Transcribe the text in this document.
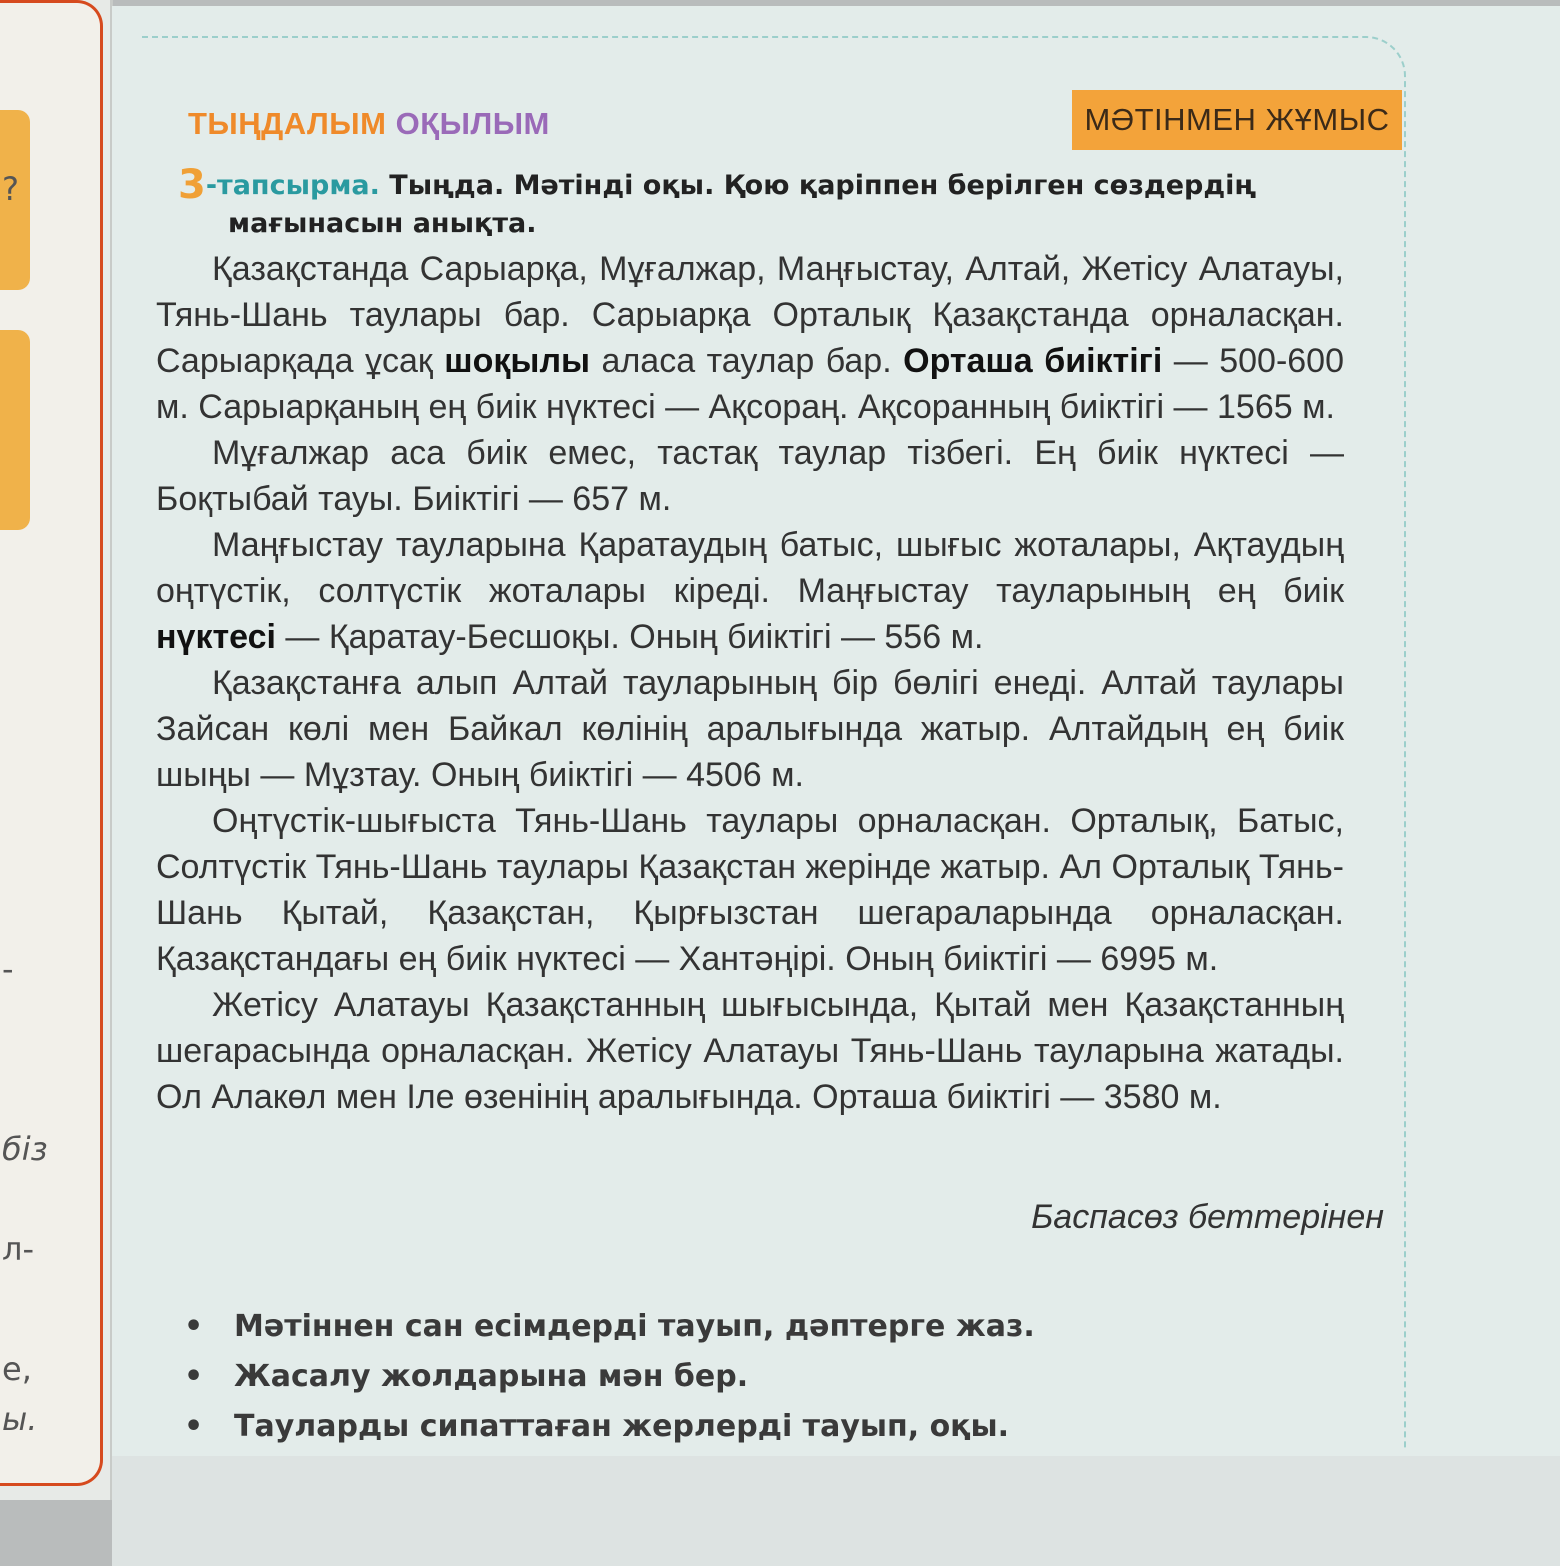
?
-
біз
л-
е,
ы.
ТЫҢДАЛЫМ ОҚЫЛЫМ	МӘТІНМЕН ЖҰМЫС
3-тапсырма. Тыңда. Мәтінді оқы. Қою қаріппен берілген сөздердің
мағынасын анықта.

Қазақстанда Сарыарқа, Мұғалжар, Маңғыстау, Алтай, Жетісу Алатауы, Тянь-Шань таулары бар. Сарыарқа Орталық Қазақстанда орналасқан. Сарыарқада ұсақ шоқылы аласа таулар бар. Орташа биіктігі — 500-600 м. Сарыарқаның ең биік нүктесі — Ақсораң. Ақсоранның биіктігі — 1565 м.

Мұғалжар аса биік емес, тастақ таулар тізбегі. Ең биік нүктесі — Боқтыбай тауы. Биіктігі — 657 м.

Маңғыстау тауларына Қаратаудың батыс, шығыс жоталары, Ақтаудың оңтүстік, солтүстік жоталары кіреді. Маңғыстау тауларының ең биік нүктесі — Қаратау-Бесшоқы. Оның биіктігі — 556 м.

Қазақстанға алып Алтай тауларының бір бөлігі енеді. Алтай таулары Зайсан көлі мен Байкал көлінің аралығында жатыр. Алтайдың ең биік шыңы — Мұзтау. Оның биіктігі — 4506 м.

Оңтүстік-шығыста Тянь-Шань таулары орналасқан. Орталық, Батыс, Солтүстік Тянь-Шань таулары Қазақстан жерінде жатыр. Ал Орталық Тянь-Шань Қытай, Қазақстан, Қырғызстан шегараларында орналасқан. Қазақстандағы ең биік нүктесі — Хантәңірі. Оның биіктігі — 6995 м.

Жетісу Алатауы Қазақстанның шығысында, Қытай мен Қазақстанның шегарасында орналасқан. Жетісу Алатауы Тянь-Шань тауларына жатады. Ол Алакөл мен Іле өзенінің аралығында. Орташа биіктігі — 3580 м.

Баспасөз беттерінен
• Мәтіннен сан есімдерді тауып, дәптерге жаз.
• Жасалу жолдарына мән бер.
• Тауларды сипаттаған жерлерді тауып, оқы.
